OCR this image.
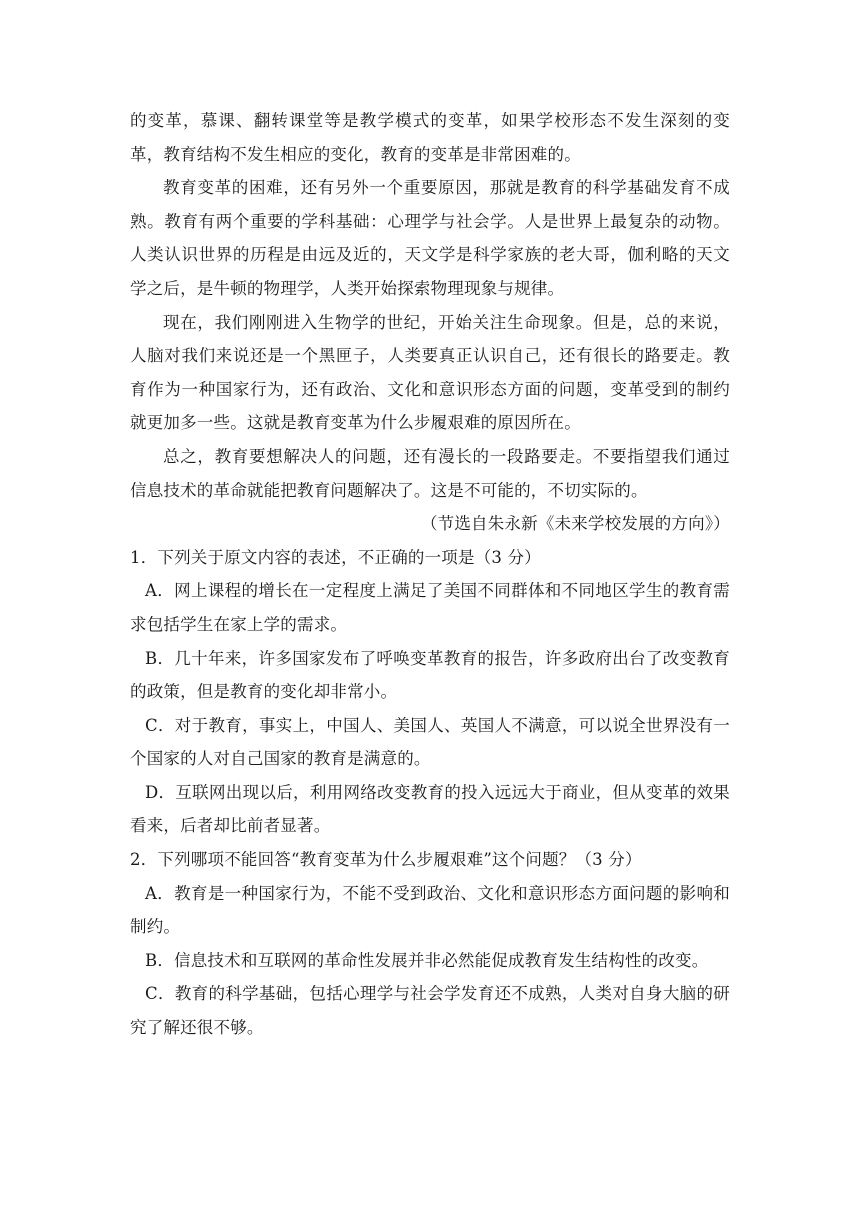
的变革，慕课、翻转课堂等是教学模式的变革，如果学校形态不发生深刻的变革，教育结构不发生相应的变化，教育的变革是非常困难的。

教育变革的困难，还有另外一个重要原因，那就是教育的科学基础发育不成熟。教育有两个重要的学科基础：心理学与社会学。人是世界上最复杂的动物。人类认识世界的历程是由远及近的，天文学是科学家族的老大哥，伽利略的天文学之后，是牛顿的物理学，人类开始探索物理现象与规律。

现在，我们刚刚进入生物学的世纪，开始关注生命现象。但是，总的来说，人脑对我们来说还是一个黑匣子，人类要真正认识自己，还有很长的路要走。教育作为一种国家行为，还有政治、文化和意识形态方面的问题，变革受到的制约就更加多一些。这就是教育变革为什么步履艰难的原因所在。

总之，教育要想解决人的问题，还有漫长的一段路要走。不要指望我们通过信息技术的革命就能把教育问题解决了。这是不可能的，不切实际的。

（节选自朱永新《未来学校发展的方向》）

1．下列关于原文内容的表述，不正确的一项是（3 分）

A．网上课程的增长在一定程度上满足了美国不同群体和不同地区学生的教育需求包括学生在家上学的需求。

B．几十年来，许多国家发布了呼唤变革教育的报告，许多政府出台了改变教育的政策，但是教育的变化却非常小。

C．对于教育，事实上，中国人、美国人、英国人不满意，可以说全世界没有一个国家的人对自己国家的教育是满意的。

D．互联网出现以后，利用网络改变教育的投入远远大于商业，但从变革的效果看来，后者却比前者显著。

2．下列哪项不能回答“教育变革为什么步履艰难”这个问题？（3 分）

A．教育是一种国家行为，不能不受到政治、文化和意识形态方面问题的影响和制约。

B．信息技术和互联网的革命性发展并非必然能促成教育发生结构性的改变。

C．教育的科学基础，包括心理学与社会学发育还不成熟，人类对自身大脑的研究了解还很不够。
